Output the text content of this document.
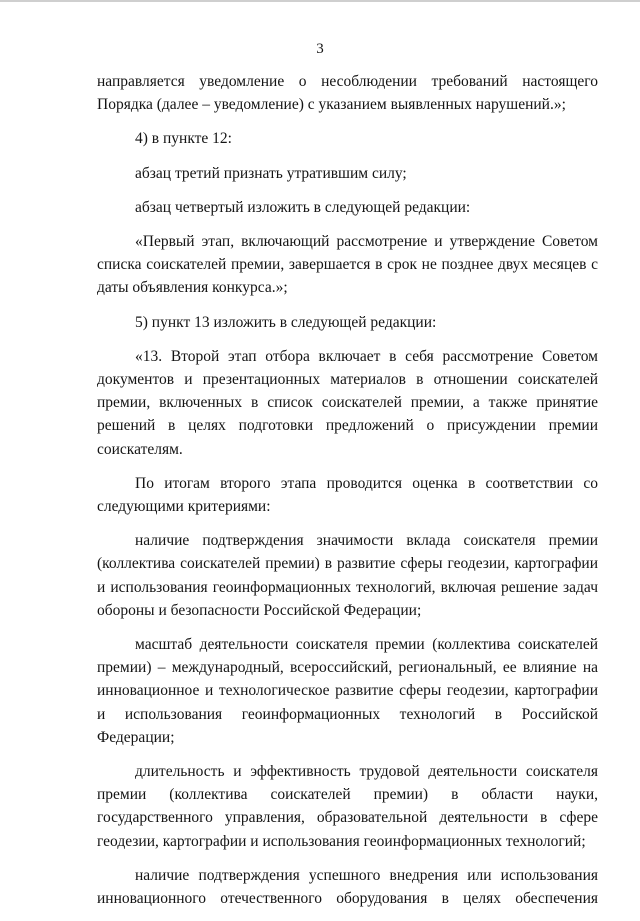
3

направляется уведомление о несоблюдении требований настоящего Порядка (далее – уведомление) с указанием выявленных нарушений.»;

4) в пункте 12:

абзац третий признать утратившим силу;

абзац четвертый изложить в следующей редакции:

«Первый этап, включающий рассмотрение и утверждение Советом списка соискателей премии, завершается в срок не позднее двух месяцев с даты объявления конкурса.»;

5) пункт 13 изложить в следующей редакции:

«13. Второй этап отбора включает в себя рассмотрение Советом документов и презентационных материалов в отношении соискателей премии, включенных в список соискателей премии, а также принятие решений в целях подготовки предложений о присуждении премии соискателям.

По итогам второго этапа проводится оценка в соответствии со следующими критериями:

наличие подтверждения значимости вклада соискателя премии (коллектива соискателей премии) в развитие сферы геодезии, картографии и использования геоинформационных технологий, включая решение задач обороны и безопасности Российской Федерации;

масштаб деятельности соискателя премии (коллектива соискателей премии) – международный, всероссийский, региональный, ее влияние на инновационное и технологическое развитие сферы геодезии, картографии и использования геоинформационных технологий в Российской Федерации;

длительность и эффективность трудовой деятельности соискателя премии (коллектива соискателей премии) в области науки, государственного управления, образовательной деятельности в сфере геодезии, картографии и использования геоинформационных технологий;

наличие подтверждения успешного внедрения или использования инновационного отечественного оборудования в целях обеспечения
